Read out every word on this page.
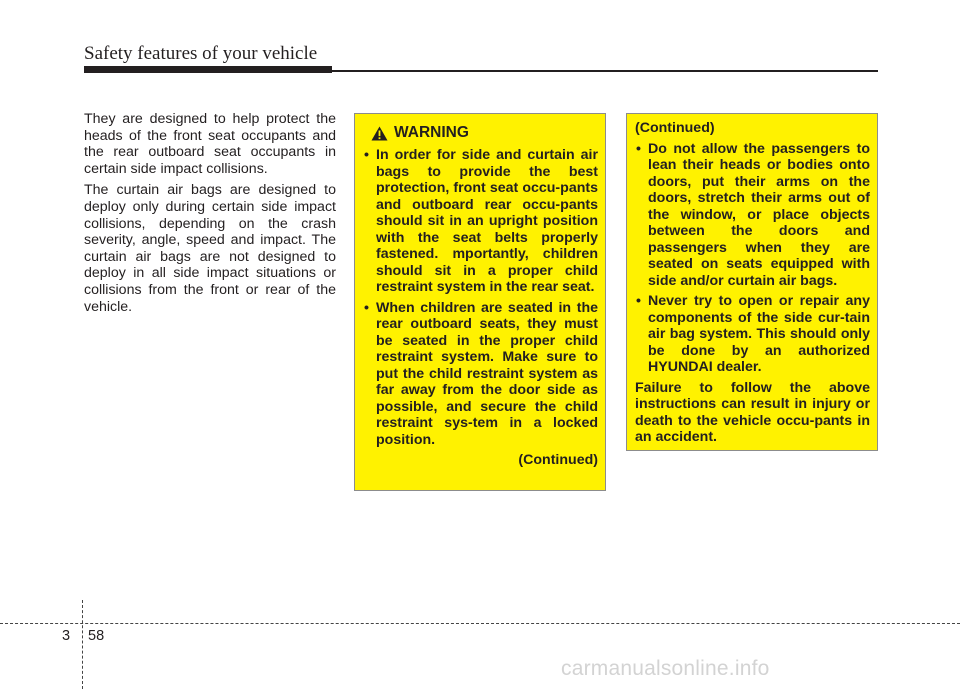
Safety features of your vehicle

They are designed to help protect the heads of the front seat occupants and the rear outboard seat occupants in certain side impact collisions.

The curtain air bags are designed to deploy only during certain side impact collisions, depending on the crash severity, angle, speed and impact. The curtain air bags are not designed to deploy in all side impact situations or collisions from the front or rear of the vehicle.

WARNING
• In order for side and curtain air bags to provide the best protection, front seat occu-pants and outboard rear occu-pants should sit in an upright position with the seat belts properly fastened. mportantly, children should sit in a proper child restraint system in the rear seat.
• When children are seated in the rear outboard seats, they must be seated in the proper child restraint system. Make sure to put the child restraint system as far away from the door side as possible, and secure the child restraint sys-tem in a locked position.
(Continued)
(Continued)
• Do not allow the passengers to lean their heads or bodies onto doors, put their arms on the doors, stretch their arms out of the window, or place objects between the doors and passengers when they are seated on seats equipped with side and/or curtain air bags.
• Never try to open or repair any components of the side cur-tain air bag system. This should only be done by an authorized HYUNDAI dealer.
Failure to follow the above instructions can result in injury or death to the vehicle occu-pants in an accident.
3 58
carmanualsonline.info
